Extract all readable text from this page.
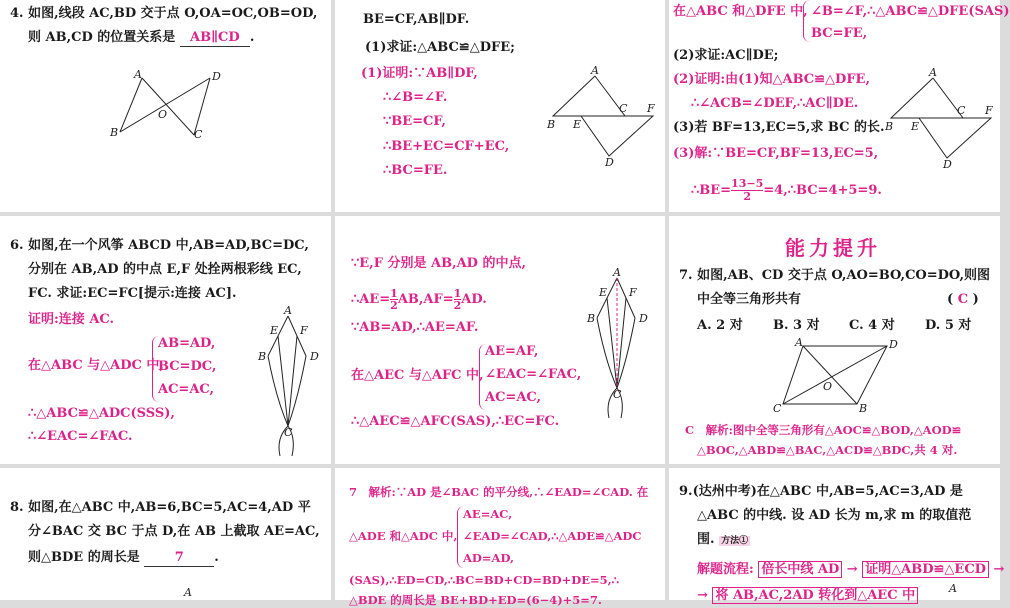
4. 如图,线段 AC,BD 交于点 O,OA=OC,OB=OD,
则 AB,CD 的位置关系是 AB∥CD .
A	D
O
B	C
BE=CF,AB∥DF.
(1)求证:△ABC≌△DFE;
(1)证明:∵AB∥DF,
∴∠B=∠F.
∵BE=CF,
∴BE+EC=CF+EC,
∴BC=FE.
A
B E
C F
D
在△ABC 和△DFE 中, ∠B=∠F,∴△ABC≌△DFE(SAS)
BC=FE,
(2)求证:AC∥DE;
(2)证明:由(1)知△ABC≌△DFE,
∴∠ACB=∠DEF,∴AC∥DE.
(3)若 BF=13,EC=5,求 BC 的长.
(3)解:∵BE=CF,BF=13,EC=5,
∴BE= $\frac{13-5}{2}$ =4,∴BC=4+5=9.
A
B E
C F
D
6. 如图,在一个风筝 ABCD 中,AB=AD,BC=DC,
分别在 AB,AD 的中点 E,F 处拴两根彩线 EC,
FC. 求证:EC=FC[提示:连接 AC].
证明:连接 AC.
在△ABC 与△ADC 中,
AB=AD,
BC=DC,
AC=AC,
∴△ABC≌△ADC(SSS),
∴∠EAC=∠FAC.
A
E F
B	D
C
∵E,F 分别是 AB,AD 的中点,
∴AE= $\frac{1}{2} AB,AF= \frac{1}{2}$ AD.
∵AB=AD,∴AE=AF.
在△AEC 与△AFC 中,
AE=AF,
∠EAC=∠FAC,
AC=AC,
∴△AEC≌△AFC(SAS),∴EC=FC.
A
E F
B	D
C
能力提升
7. 如图,AB、CD 交于点 O,AO=BO,CO=DO,则图
中全等三角形共有	( C )
A. 2 对 B. 3 对 C. 4 对 D. 5 对
A	D
O
C	B
C　解析:图中全等三角形有△AOC≌△BOD,△AOD≌
△BOC,△ABD≌△BAC,△ACD≌△BDC,共 4 对.
8. 如图,在△ABC 中,AB=6,BC=5,AC=4,AD 平
分∠BAC 交 BC 于点 D,在 AB 上截取 AE=AC,
则△BDE 的周长是	7 .
A
7　解析:∵AD 是∠BAC 的平分线,∴∠EAD=∠CAD. 在
AE=AC,
△ADE 和△ADC 中, ∠EAD=∠CAD,∴△ADE≌△ADC
AD=AD,
(SAS),∴ED=CD,∴BC=BD+CD=BD+DE=5,∴
△BDE 的周长是 BE+BD+ED=(6−4)+5=7.
9.(达州中考)在△ABC 中,AB=5,AC=3,AD 是
△ABC 的中线. 设 AD 长为 m,求 m 的取值范
围. 方法①
解题流程: 倍长中线 AD → 证明△ABD≌△ECD →
→ 将 AB,AC,2AD 转化到△AEC 中	A
